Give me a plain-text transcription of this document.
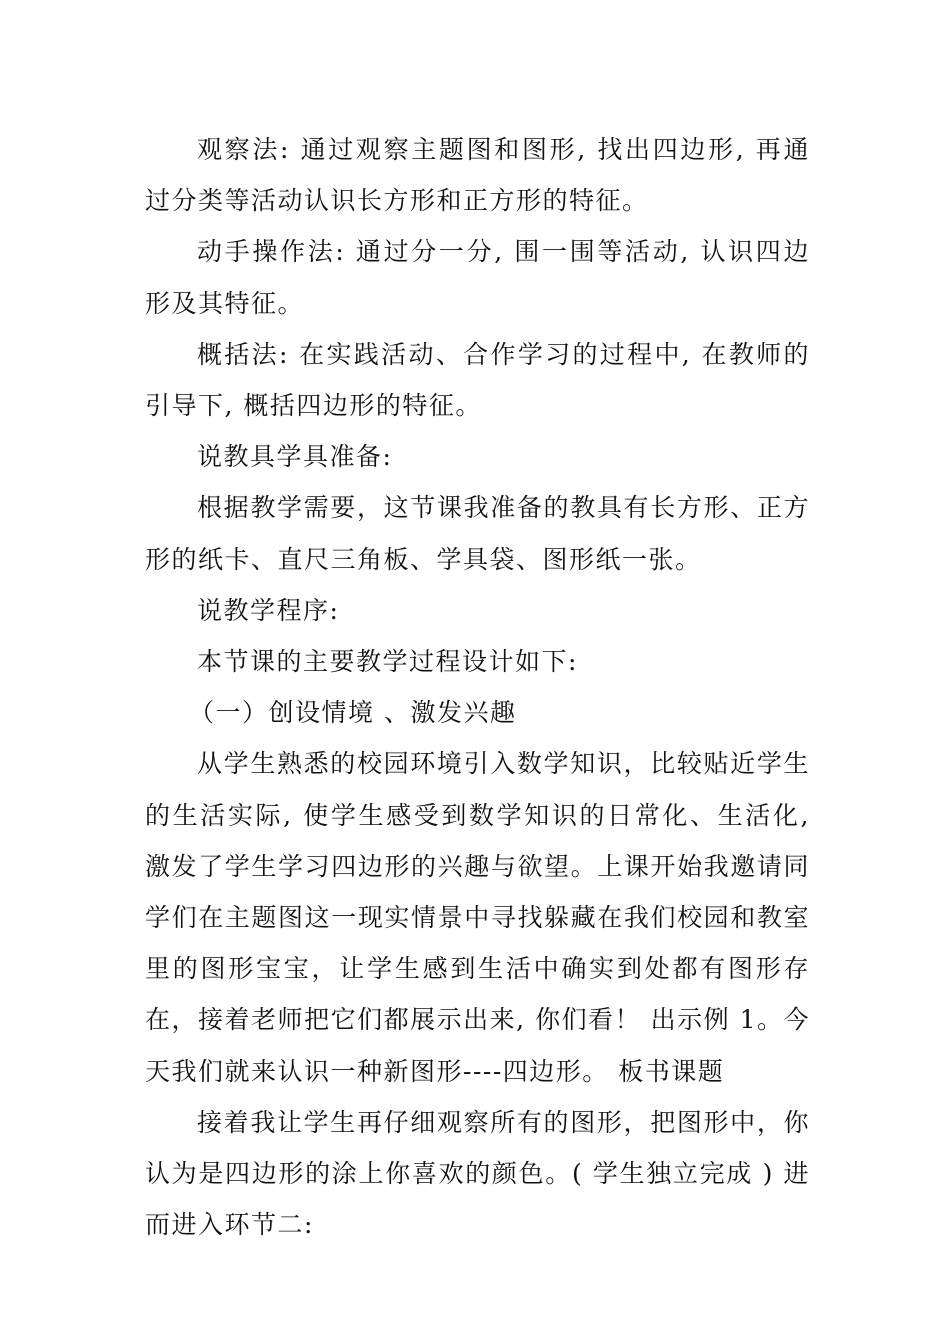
观察法: 通过观察主题图和图形, 找出四边形, 再通过分类等活动认识长方形和正方形的特征。

动手操作法: 通过分一分, 围一围等活动, 认识四边形及其特征。

概括法: 在实践活动、合作学习的过程中, 在教师的引导下, 概括四边形的特征。

说教具学具准备:

根据教学需要，这节课我准备的教具有长方形、正方形的纸卡、直尺三角板、学具袋、图形纸一张。

说教学程序:

本节课的主要教学过程设计如下:

（一）创设情境 、激发兴趣

从学生熟悉的校园环境引入数学知识，比较贴近学生的生活实际, 使学生感受到数学知识的日常化、生活化, 激发了学生学习四边形的兴趣与欲望。上课开始我邀请同学们在主题图这一现实情景中寻找躲藏在我们校园和教室里的图形宝宝，让学生感到生活中确实到处都有图形存在，接着老师把它们都展示出来, 你们看！ 出示例 1。今天我们就来认识一种新图形----四边形。 板书课题

接着我让学生再仔细观察所有的图形，把图形中，你认为是四边形的涂上你喜欢的颜色。( 学生独立完成 ) 进而进入环节二:
